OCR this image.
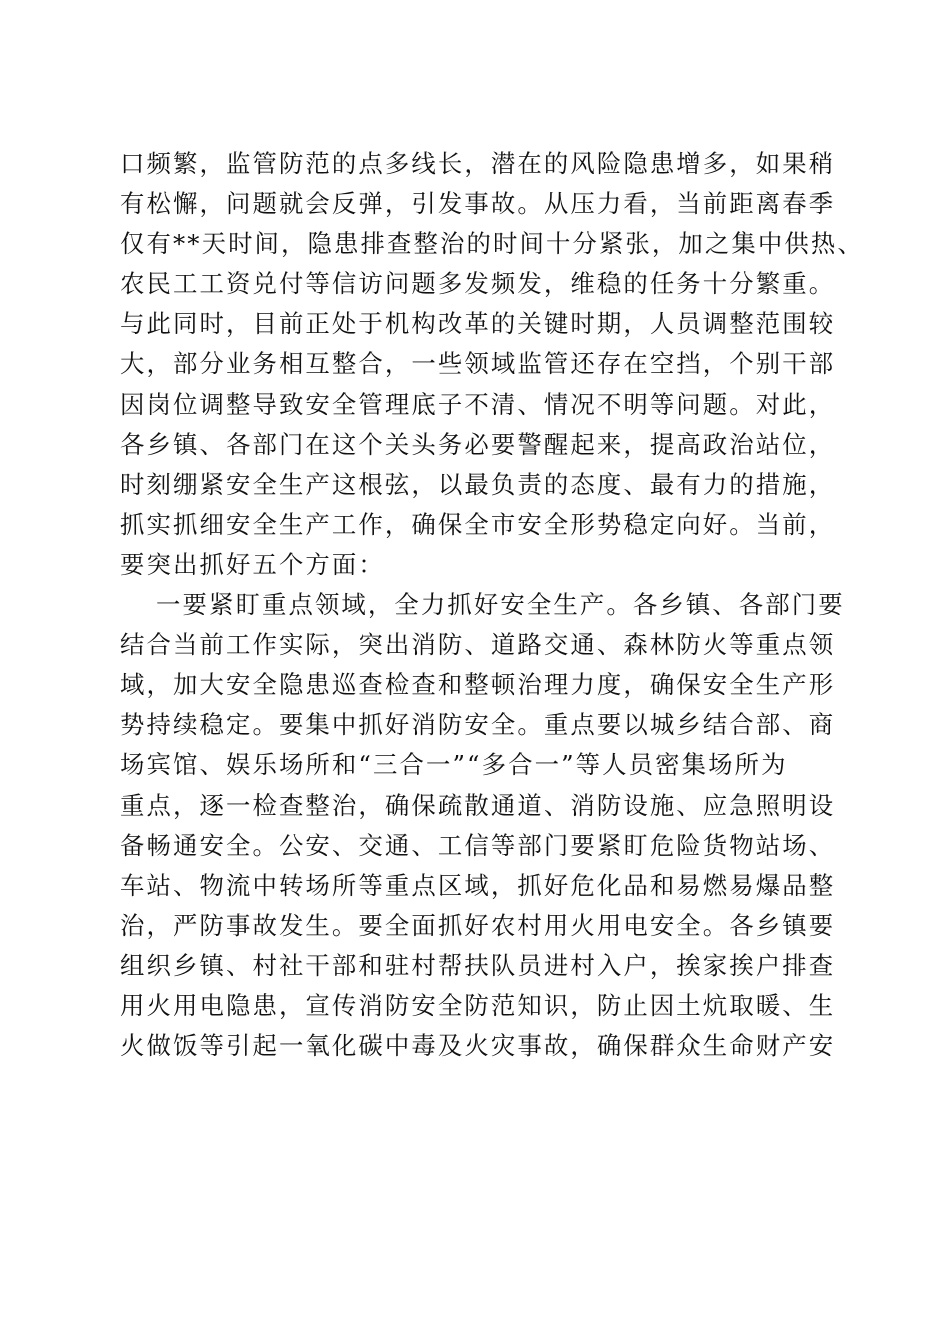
口频繁，监管防范的点多线长，潜在的风险隐患增多，如果稍
有松懈，问题就会反弹，引发事故。从压力看，当前距离春季
仅有**天时间，隐患排查整治的时间十分紧张，加之集中供热、
农民工工资兑付等信访问题多发频发，维稳的任务十分繁重。
与此同时，目前正处于机构改革的关键时期，人员调整范围较
大，部分业务相互整合，一些领域监管还存在空挡，个别干部
因岗位调整导致安全管理底子不清、情况不明等问题。对此，
各乡镇、各部门在这个关头务必要警醒起来，提高政治站位，
时刻绷紧安全生产这根弦，以最负责的态度、最有力的措施，
抓实抓细安全生产工作，确保全市安全形势稳定向好。当前，
要突出抓好五个方面：
一要紧盯重点领域，全力抓好安全生产。各乡镇、各部门要
结合当前工作实际，突出消防、道路交通、森林防火等重点领
域，加大安全隐患巡查检查和整顿治理力度，确保安全生产形
势持续稳定。要集中抓好消防安全。重点要以城乡结合部、商
场宾馆、娱乐场所和“三合一”“多合一”等人员密集场所为
重点，逐一检查整治，确保疏散通道、消防设施、应急照明设
备畅通安全。公安、交通、工信等部门要紧盯危险货物站场、
车站、物流中转场所等重点区域，抓好危化品和易燃易爆品整
治，严防事故发生。要全面抓好农村用火用电安全。各乡镇要
组织乡镇、村社干部和驻村帮扶队员进村入户，挨家挨户排查
用火用电隐患，宣传消防安全防范知识，防止因土炕取暖、生
火做饭等引起一氧化碳中毒及火灾事故，确保群众生命财产安
